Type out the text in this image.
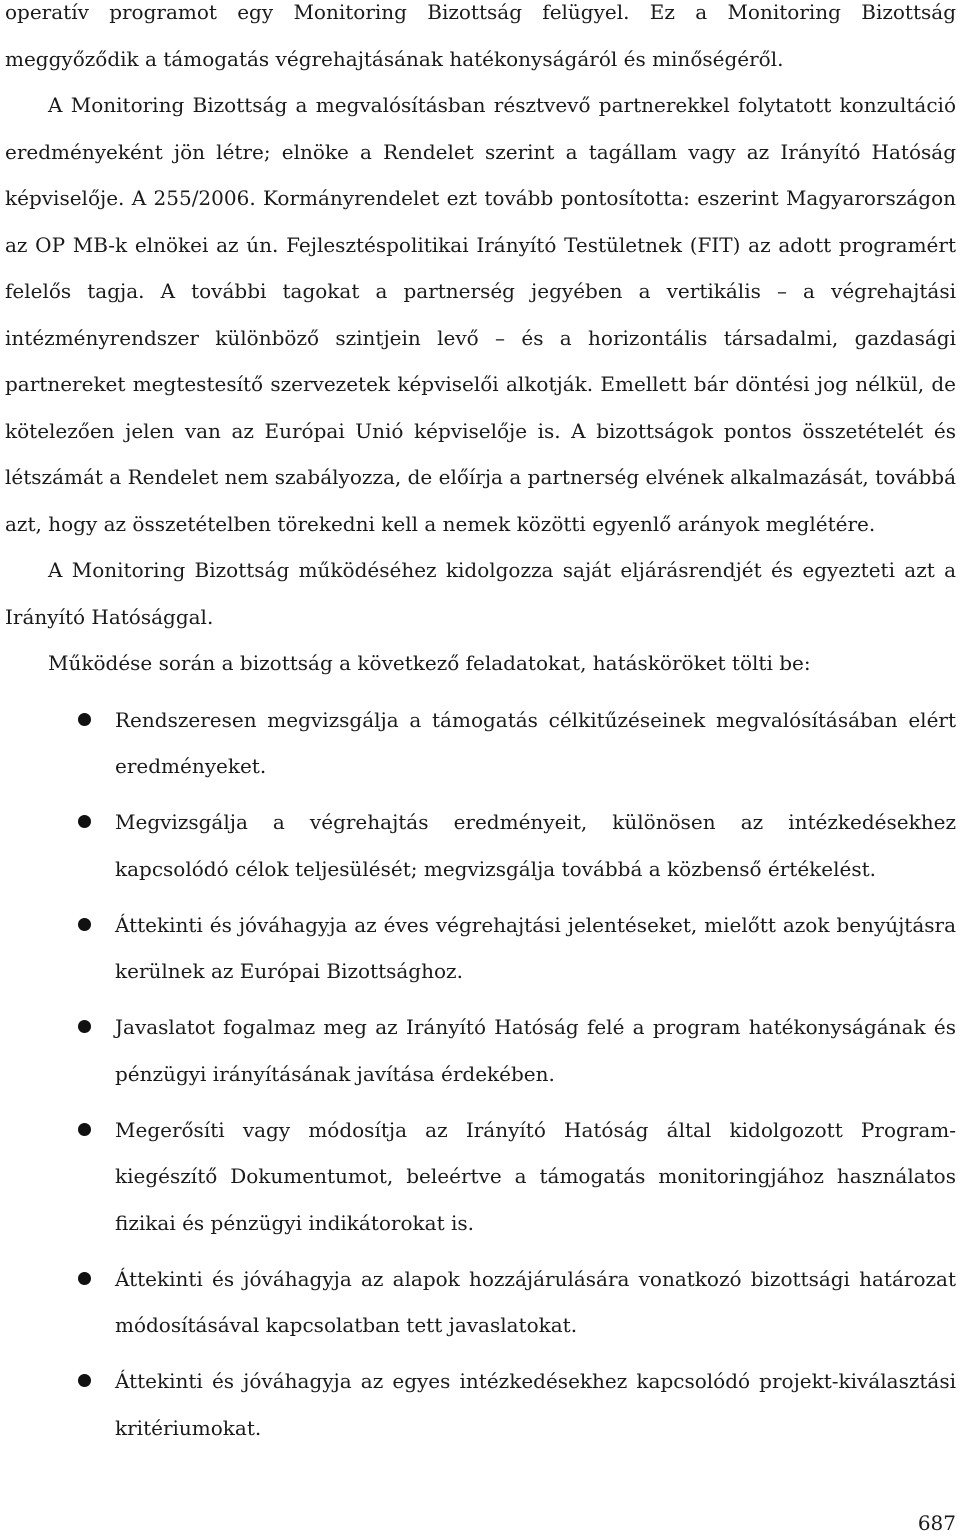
operatív programot egy Monitoring Bizottság felügyel. Ez a Monitoring Bizottság meggyőződik a támogatás végrehajtásának hatékonyságáról és minőségéről.

A Monitoring Bizottság a megvalósításban résztvevő partnerekkel folytatott konzultáció eredményeként jön létre; elnöke a Rendelet szerint a tagállam vagy az Irányító Hatóság képviselője. A 255/2006. Kormányrendelet ezt tovább pontosította: eszerint Magyarországon az OP MB-k elnökei az ún. Fejlesztéspolitikai Irányító Testületnek (FIT) az adott programért felelős tagja. A további tagokat a partnerség jegyében a vertikális – a végrehajtási intézményrendszer különböző szintjein levő – és a horizontális társadalmi, gazdasági partnereket megtestesítő szervezetek képviselői alkotják. Emellett bár döntési jog nélkül, de kötelezően jelen van az Európai Unió képviselője is. A bizottságok pontos összetételét és létszámát a Rendelet nem szabályozza, de előírja a partnerség elvének alkalmazását, továbbá azt, hogy az összetételben törekedni kell a nemek közötti egyenlő arányok meglétére.

A Monitoring Bizottság működéséhez kidolgozza saját eljárásrendjét és egyezteti azt a Irányító Hatósággal.

Működése során a bizottság a következő feladatokat, hatásköröket tölti be:

Rendszeresen megvizsgálja a támogatás célkitűzéseinek megvalósításában elért eredményeket.
Megvizsgálja a végrehajtás eredményeit, különösen az intézkedésekhez kapcsolódó célok teljesülését; megvizsgálja továbbá a közbenső értékelést.
Áttekinti és jóváhagyja az éves végrehajtási jelentéseket, mielőtt azok benyújtásra kerülnek az Európai Bizottsághoz.
Javaslatot fogalmaz meg az Irányító Hatóság felé a program hatékonyságának és pénzügyi irányításának javítása érdekében.
Megerősíti vagy módosítja az Irányító Hatóság által kidolgozott Program-kiegészítő Dokumentumot, beleértve a támogatás monitoringjához használatos fizikai és pénzügyi indikátorokat is.
Áttekinti és jóváhagyja az alapok hozzájárulására vonatkozó bizottsági határozat módosításával kapcsolatban tett javaslatokat.
Áttekinti és jóváhagyja az egyes intézkedésekhez kapcsolódó projekt-kiválasztási kritériumokat.
687
